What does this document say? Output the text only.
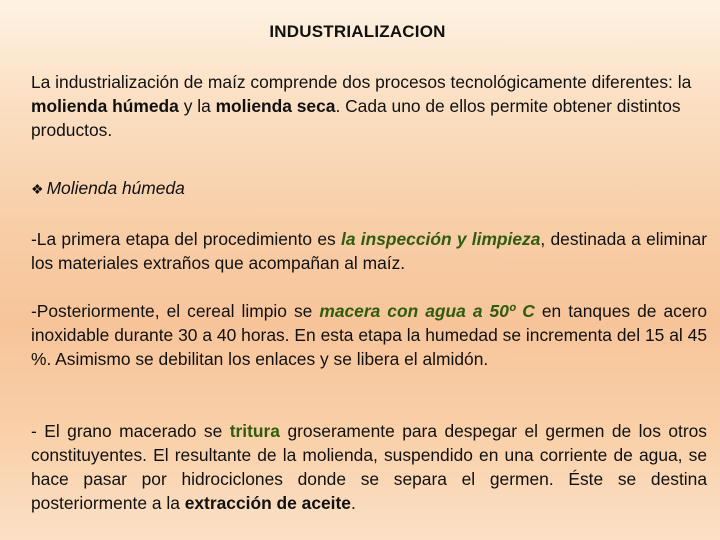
INDUSTRIALIZACION

La industrialización de maíz comprende dos procesos tecnológicamente diferentes: la molienda húmeda y la molienda seca. Cada uno de ellos permite obtener distintos productos.

❖ Molienda húmeda

-La primera etapa del procedimiento es la inspección y limpieza, destinada a eliminar los materiales extraños que acompañan al maíz.

-Posteriormente, el cereal limpio se macera con agua a 50º C en tanques de acero inoxidable durante 30 a 40 horas. En esta etapa la humedad se incrementa del 15 al 45 %. Asimismo se debilitan los enlaces y se libera el almidón.

- El grano macerado se tritura groseramente para despegar el germen de los otros constituyentes. El resultante de la molienda, suspendido en una corriente de agua, se hace pasar por hidrociclones donde se separa el germen. Éste se destina posteriormente a la extracción de aceite.
